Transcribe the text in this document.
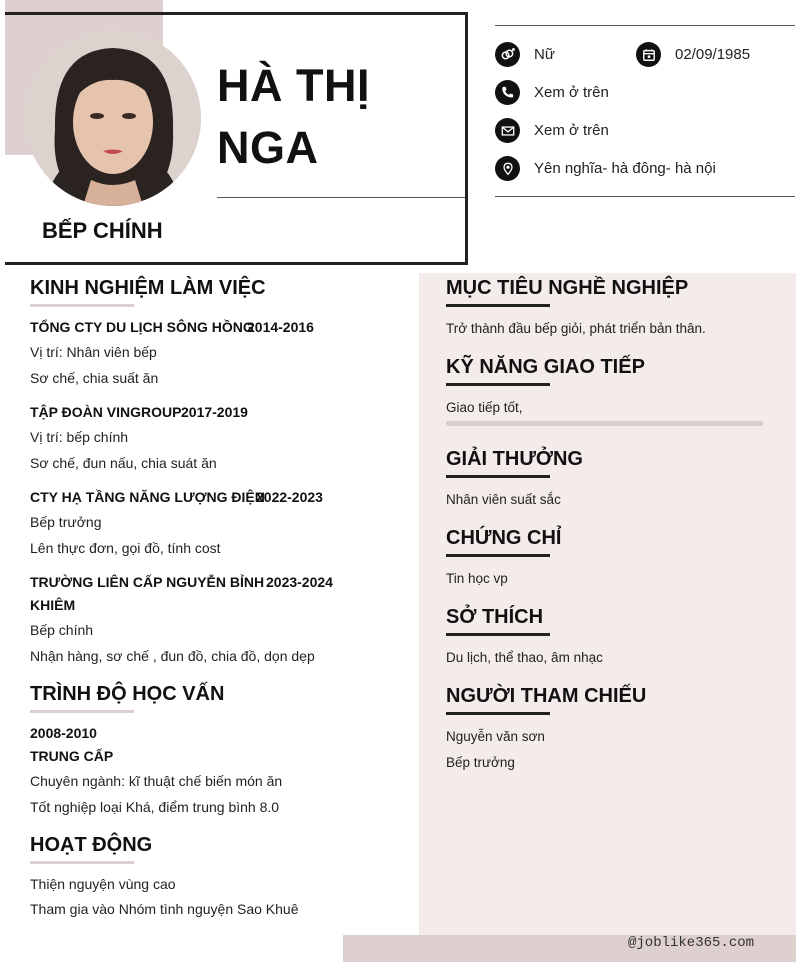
HÀ THỊ
NGA
BẾP CHÍNH
Nữ	02/09/1985
Xem ở trên
Xem ở trên
Yên nghĩa- hà đông- hà nội
KINH NGHIỆM LÀM VIỆC
TỔNG CTY DU LỊCH SÔNG HỒNG
2014-2016
Vị trí: Nhân viên bếp
Sơ chế, chia suất ăn
TẬP ĐOÀN VINGROUP 2017-2019
Vị trí: bếp chính
Sơ chế, đun nấu, chia suát ăn
CTY HẠ TẦNG NĂNG LƯỢNG ĐIỆN
2022-2023
Bếp trưởng
Lên thực đơn, gọi đồ, tính cost
TRƯỜNG LIÊN CẤP NGUYỄN BỈNH 2023-2024
KHIÊM
Bếp chính
Nhận hàng, sơ chế , đun đồ, chia đồ, dọn dẹp
TRÌNH ĐỘ HỌC VẤN
2008-2010
TRUNG CẤP
Chuyên ngành: kĩ thuật chế biến món ăn
Tốt nghiệp loại Khá, điểm trung bình 8.0
HOẠT ĐỘNG
Thiện nguyện vùng cao
Tham gia vào Nhóm tình nguyện Sao Khuê
MỤC TIÊU NGHỀ NGHIỆP
Trở thành đầu bếp giỏi, phát triển bản thân.
KỸ NĂNG GIAO TIẾP
Giao tiếp tốt,
GIẢI THƯỞNG
Nhân viên suất sắc
CHỨNG CHỈ
Tin học vp
SỞ THÍCH
Du lịch, thể thao, âm nhạc
NGƯỜI THAM CHIẾU
Nguyễn văn sơn
Bếp trưởng
@joblike365.com
